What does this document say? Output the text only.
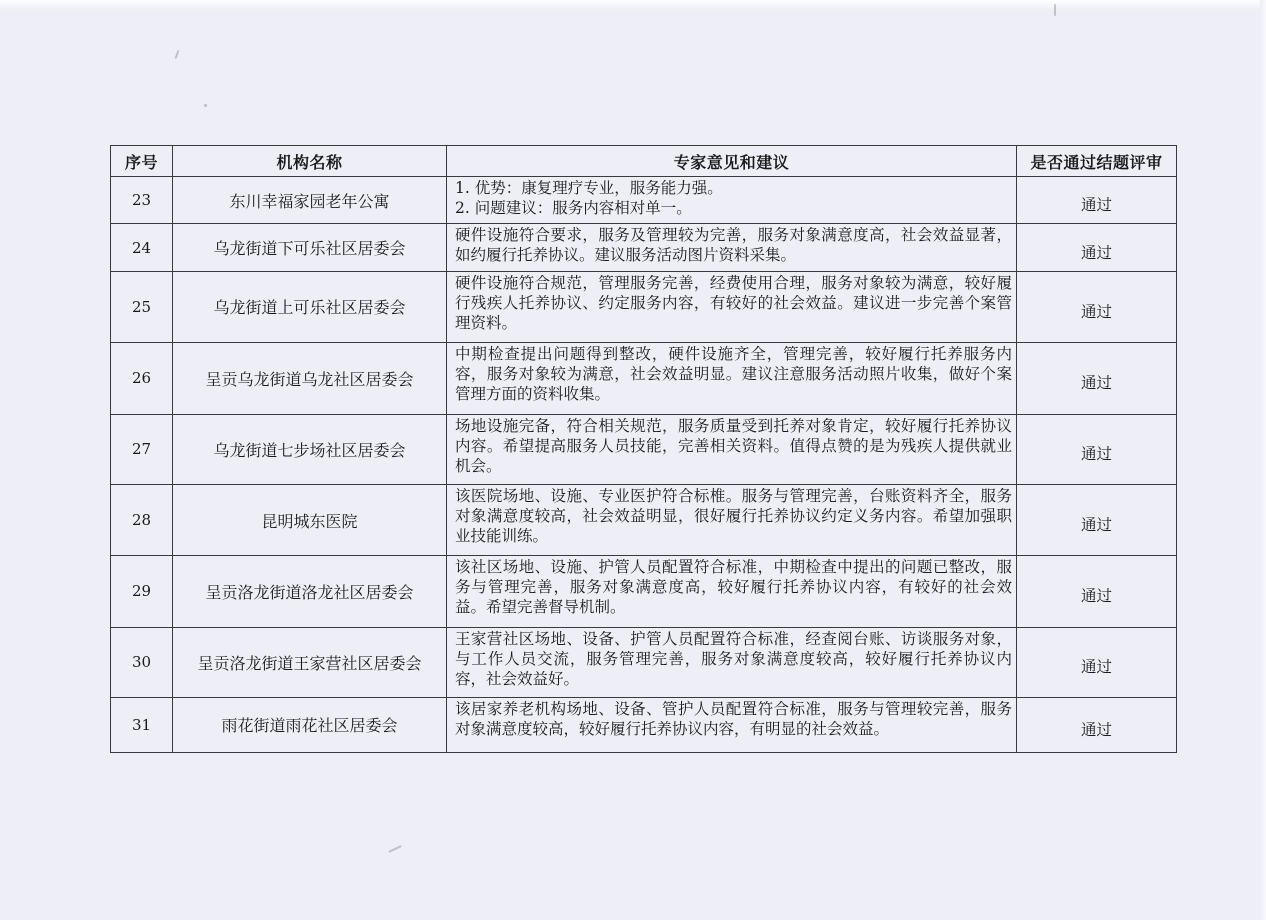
序号	机构名称	专家意见和建议	是否通过结题评审
23	东川幸福家园老年公寓	1. 优势：康复理疗专业，服务能力强。
2. 问题建议：服务内容相对单一。	通过
24	乌龙街道下可乐社区居委会	硬件设施符合要求，服务及管理较为完善，服务对象满意度高，社会效益显著，如约履行托养协议。建议服务活动图片资料采集。	通过
25	乌龙街道上可乐社区居委会	硬件设施符合规范，管理服务完善，经费使用合理，服务对象较为满意，较好履行残疾人托养协议、约定服务内容，有较好的社会效益。建议进一步完善个案管理资料。	通过
26	呈贡乌龙街道乌龙社区居委会	中期检查提出问题得到整改，硬件设施齐全，管理完善，较好履行托养服务内容，服务对象较为满意，社会效益明显。建议注意服务活动照片收集，做好个案管理方面的资料收集。	通过
27	乌龙街道七步场社区居委会	场地设施完备，符合相关规范，服务质量受到托养对象肯定，较好履行托养协议内容。希望提高服务人员技能，完善相关资料。值得点赞的是为残疾人提供就业机会。	通过
28	昆明城东医院	该医院场地、设施、专业医护符合标椎。服务与管理完善，台账资料齐全，服务对象满意度较高，社会效益明显，很好履行托养协议约定义务内容。希望加强职业技能训练。	通过
29	呈贡洛龙街道洛龙社区居委会	该社区场地、设施、护管人员配置符合标准，中期检查中提出的问题已整改，服务与管理完善，服务对象满意度高，较好履行托养协议内容，有较好的社会效益。希望完善督导机制。	通过
30	呈贡洛龙街道王家营社区居委会	王家营社区场地、设备、护管人员配置符合标准，经查阅台账、访谈服务对象，与工作人员交流，服务管理完善，服务对象满意度较高，较好履行托养协议内容，社会效益好。	通过
31	雨花街道雨花社区居委会	该居家养老机构场地、设备、管护人员配置符合标准，服务与管理较完善，服务对象满意度较高，较好履行托养协议内容，有明显的社会效益。	通过
